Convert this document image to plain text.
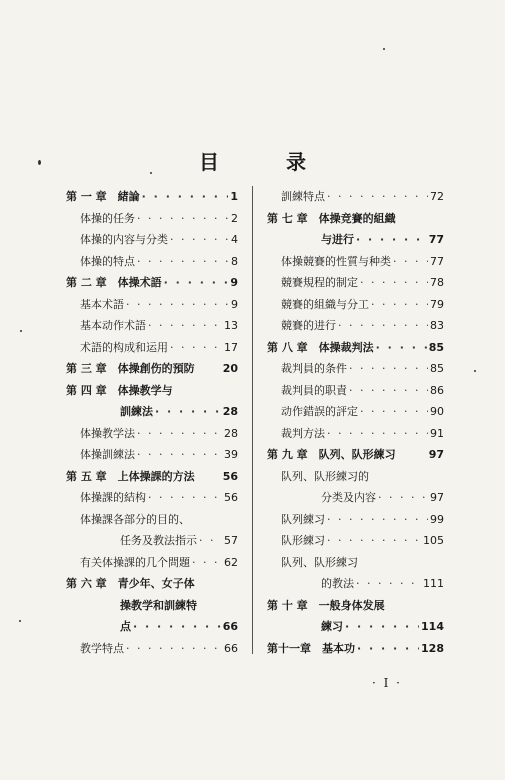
目 录
第 一 章　緒論 · · ·	1
体操的任务 · · ·	2
体操的内容与分类 · · ·	4
体操的特点 · · ·	8
第 二 章　体操术語 · · ·	9
基本术語 · · ·	9
基本动作术語 · · ·	13
术語的构成和运用 · · ·	17
第 三 章　体操創伤的預防	20
第 四 章　体操教学与
訓練法 · · ·	28
体操教学法 · · ·	28
体操訓練法 · · ·	39
第 五 章　上体操課的方法	56
体操課的結构 · · ·	56
体操課各部分的目的、
任务及教法指示 · · · 57
有关体操課的几个問題 · · ·	62
第 六 章　青少年、女子体
操教学和訓練特
点 · · ·	66
教学特点 · · ·	66
訓練特点 · · ·	72
第 七 章　体操竞賽的組織
与进行 · · ·	77
体操競賽的性質与种类 · · ·	77
競賽規程的制定 · · ·	78
競賽的組織与分工 · · ·	79
競賽的进行 · · ·	83
第 八 章　体操裁判法 · · ·	85
裁判員的条件 · · ·	85
裁判員的职責 · · ·	86
动作錯誤的評定 · · ·	90
裁判方法 · · ·	91
第 九 章　队列、队形練习	97
队列、队形練习的
分类及内容 · · ·	97
队列練习 · · ·	99
队形練习 · · ·	105
队列、队形練习
的教法 · · ·	111
第 十 章　一般身体发展
練习 · · ·	114
第十一章　基本功 · · ·	128
· I ·
